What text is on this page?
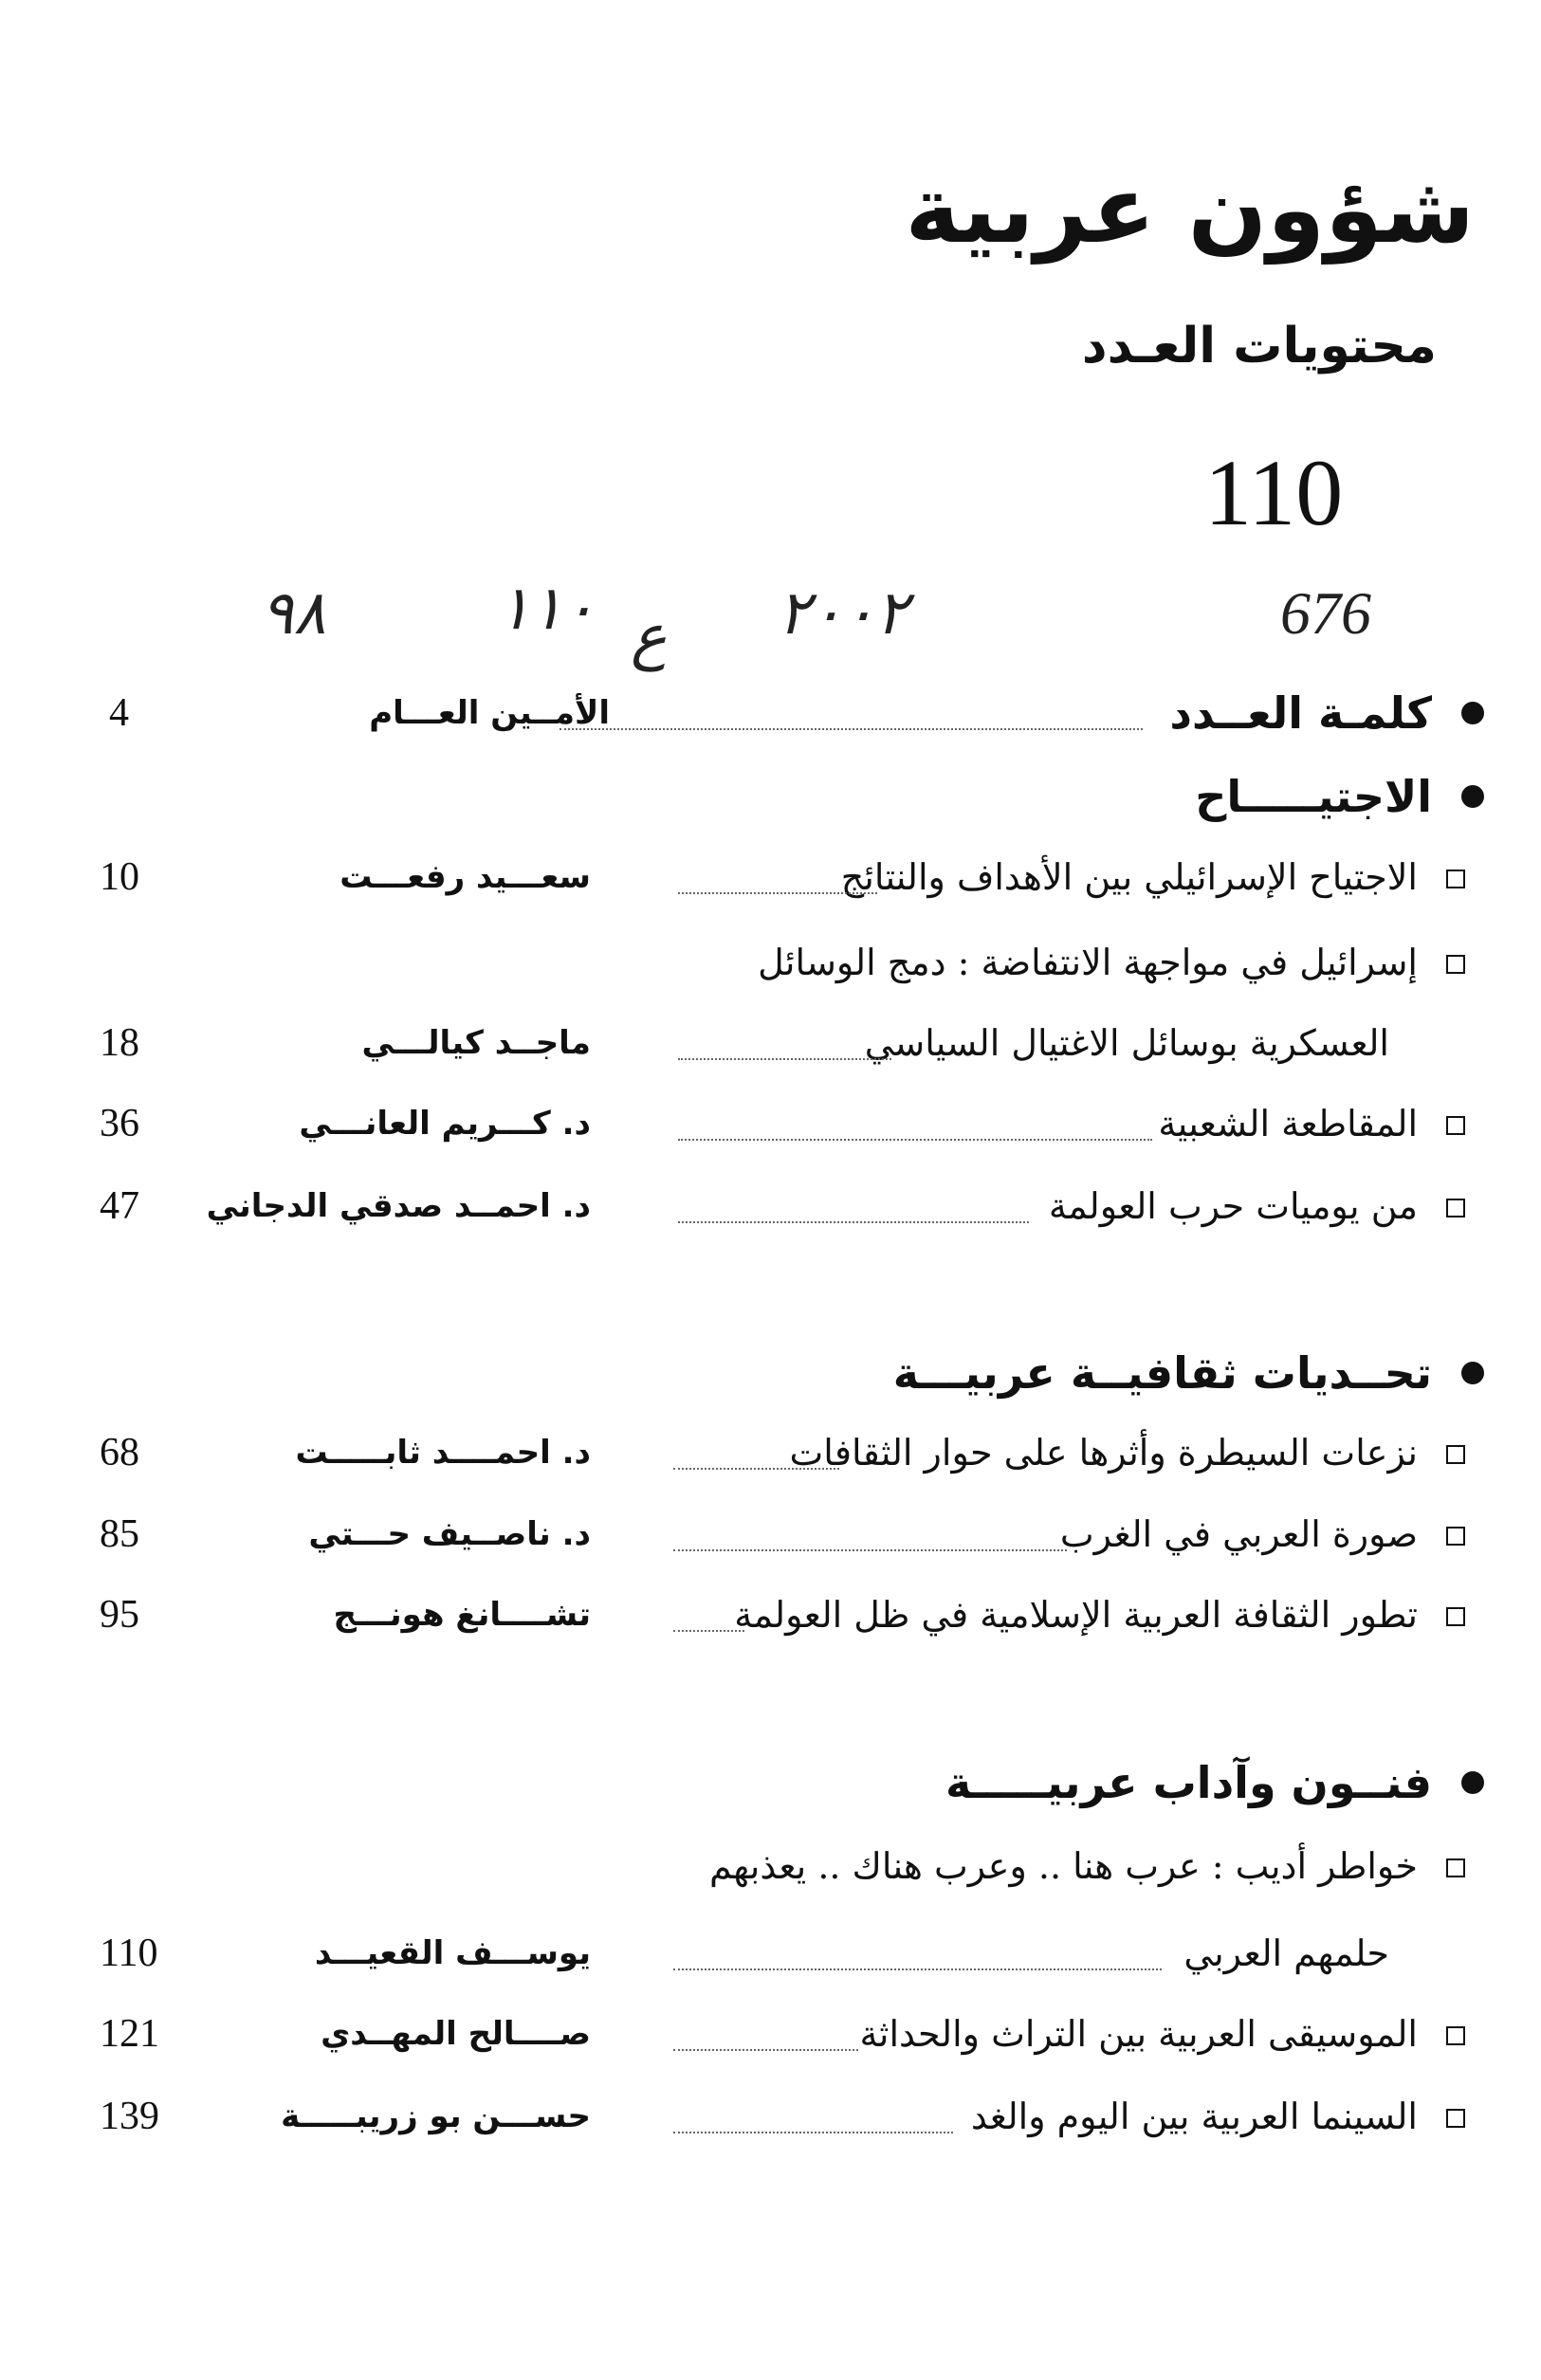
شؤون عربية
محتويات العـدد
110
676
٢٠٠٢
ع
١١٠
٩٨
كلمـة العــدد
الأمــين العـــام
4
الاجتيـــــاح
الاجتياح الإسرائيلي بين الأهداف والنتائج
سعـــيد رفعـــت
10
إسرائيل في مواجهة الانتفاضة : دمج الوسائل
العسكرية بوسائل الاغتيال السياسي
ماجــد كيالـــي
18
المقاطعة الشعبية
د. كـــريم العانـــي
36
من يوميات حرب العولمة
د. احمــد صدقي الدجاني
47
تحــديات ثقافيــة عربيـــة
نزعات السيطرة وأثرها على حوار الثقافات
د. احمــــد ثابـــــت
68
صورة العربي في الغرب
د. ناصــيف حـــتي
85
تطور الثقافة العربية الإسلامية في ظل العولمة
تشــــانغ هونـــج
95
فنــون وآداب عربيـــــة
خواطر أديب : عرب هنا .. وعرب هناك .. يعذبهم
حلمهم العربي
يوســـف القعيـــد
110
الموسيقى العربية بين التراث والحداثة
صــــالح المهــدي
121
السينما العربية بين اليوم والغد
حســـن بو زريبـــــة
139
